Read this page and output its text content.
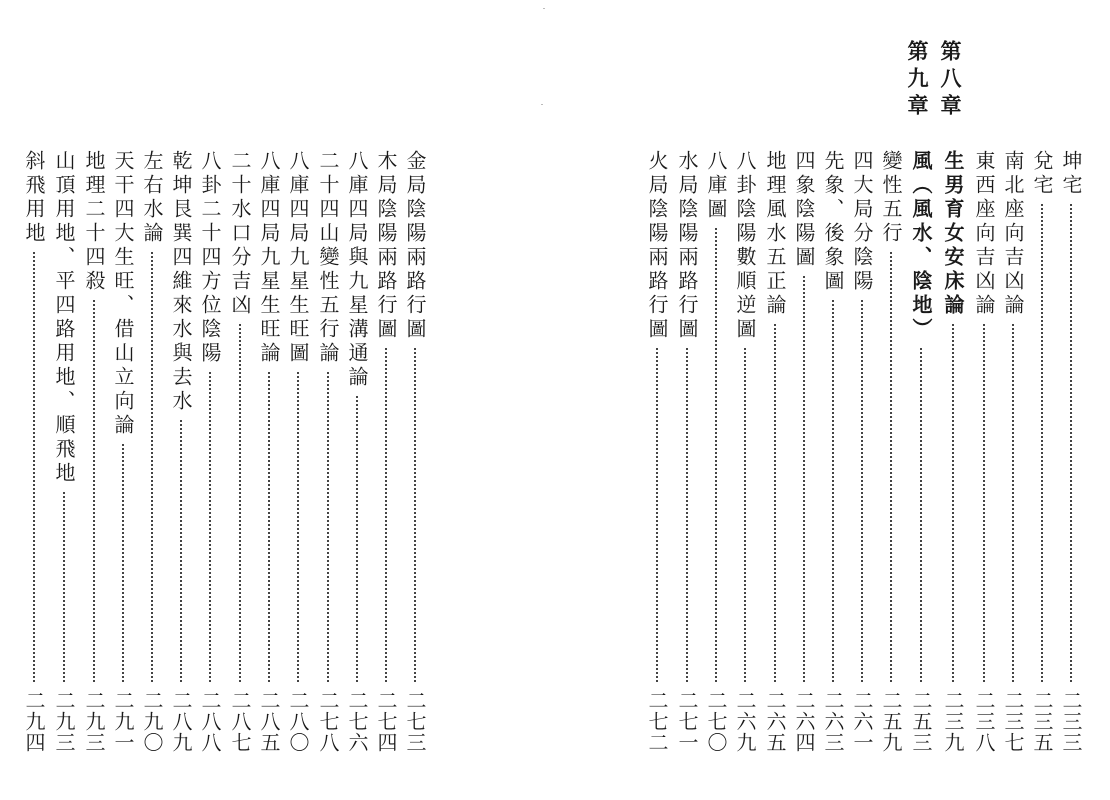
金局陰陽兩路行圖
二七三
木局陰陽兩路行圖
二七四
八庫四局與九星溝通論
二七六
二十四山變性五行論
二七八
八庫四局九星生旺圖
二八〇
八庫四局九星生旺論
二八五
二十水口分吉凶
二八七
八卦二十四方位陰陽
二八八
乾坤艮巽四維來水與去水
二八九
左右水論
二九〇
天干四大生旺、借山立向論
二九一
地理二十四殺
二九三
山頂用地、平四路用地、順飛地
二九三
斜飛用地
二九四
第八章
第九章
坤宅
二三三
兌宅
二三五
南北座向吉凶論
二三七
東西座向吉凶論
二三八
生男育女安床論
二三九
風（風水、陰地）
二五三
變性五行
二五九
四大局分陰陽
二六一
先象、後象圖
二六三
四象陰陽圖
二六四
地理風水五正論
二六五
八卦陰陽數順逆圖
二六九
八庫圖
二七〇
水局陰陽兩路行圖
二七一
火局陰陽兩路行圖
二七二
